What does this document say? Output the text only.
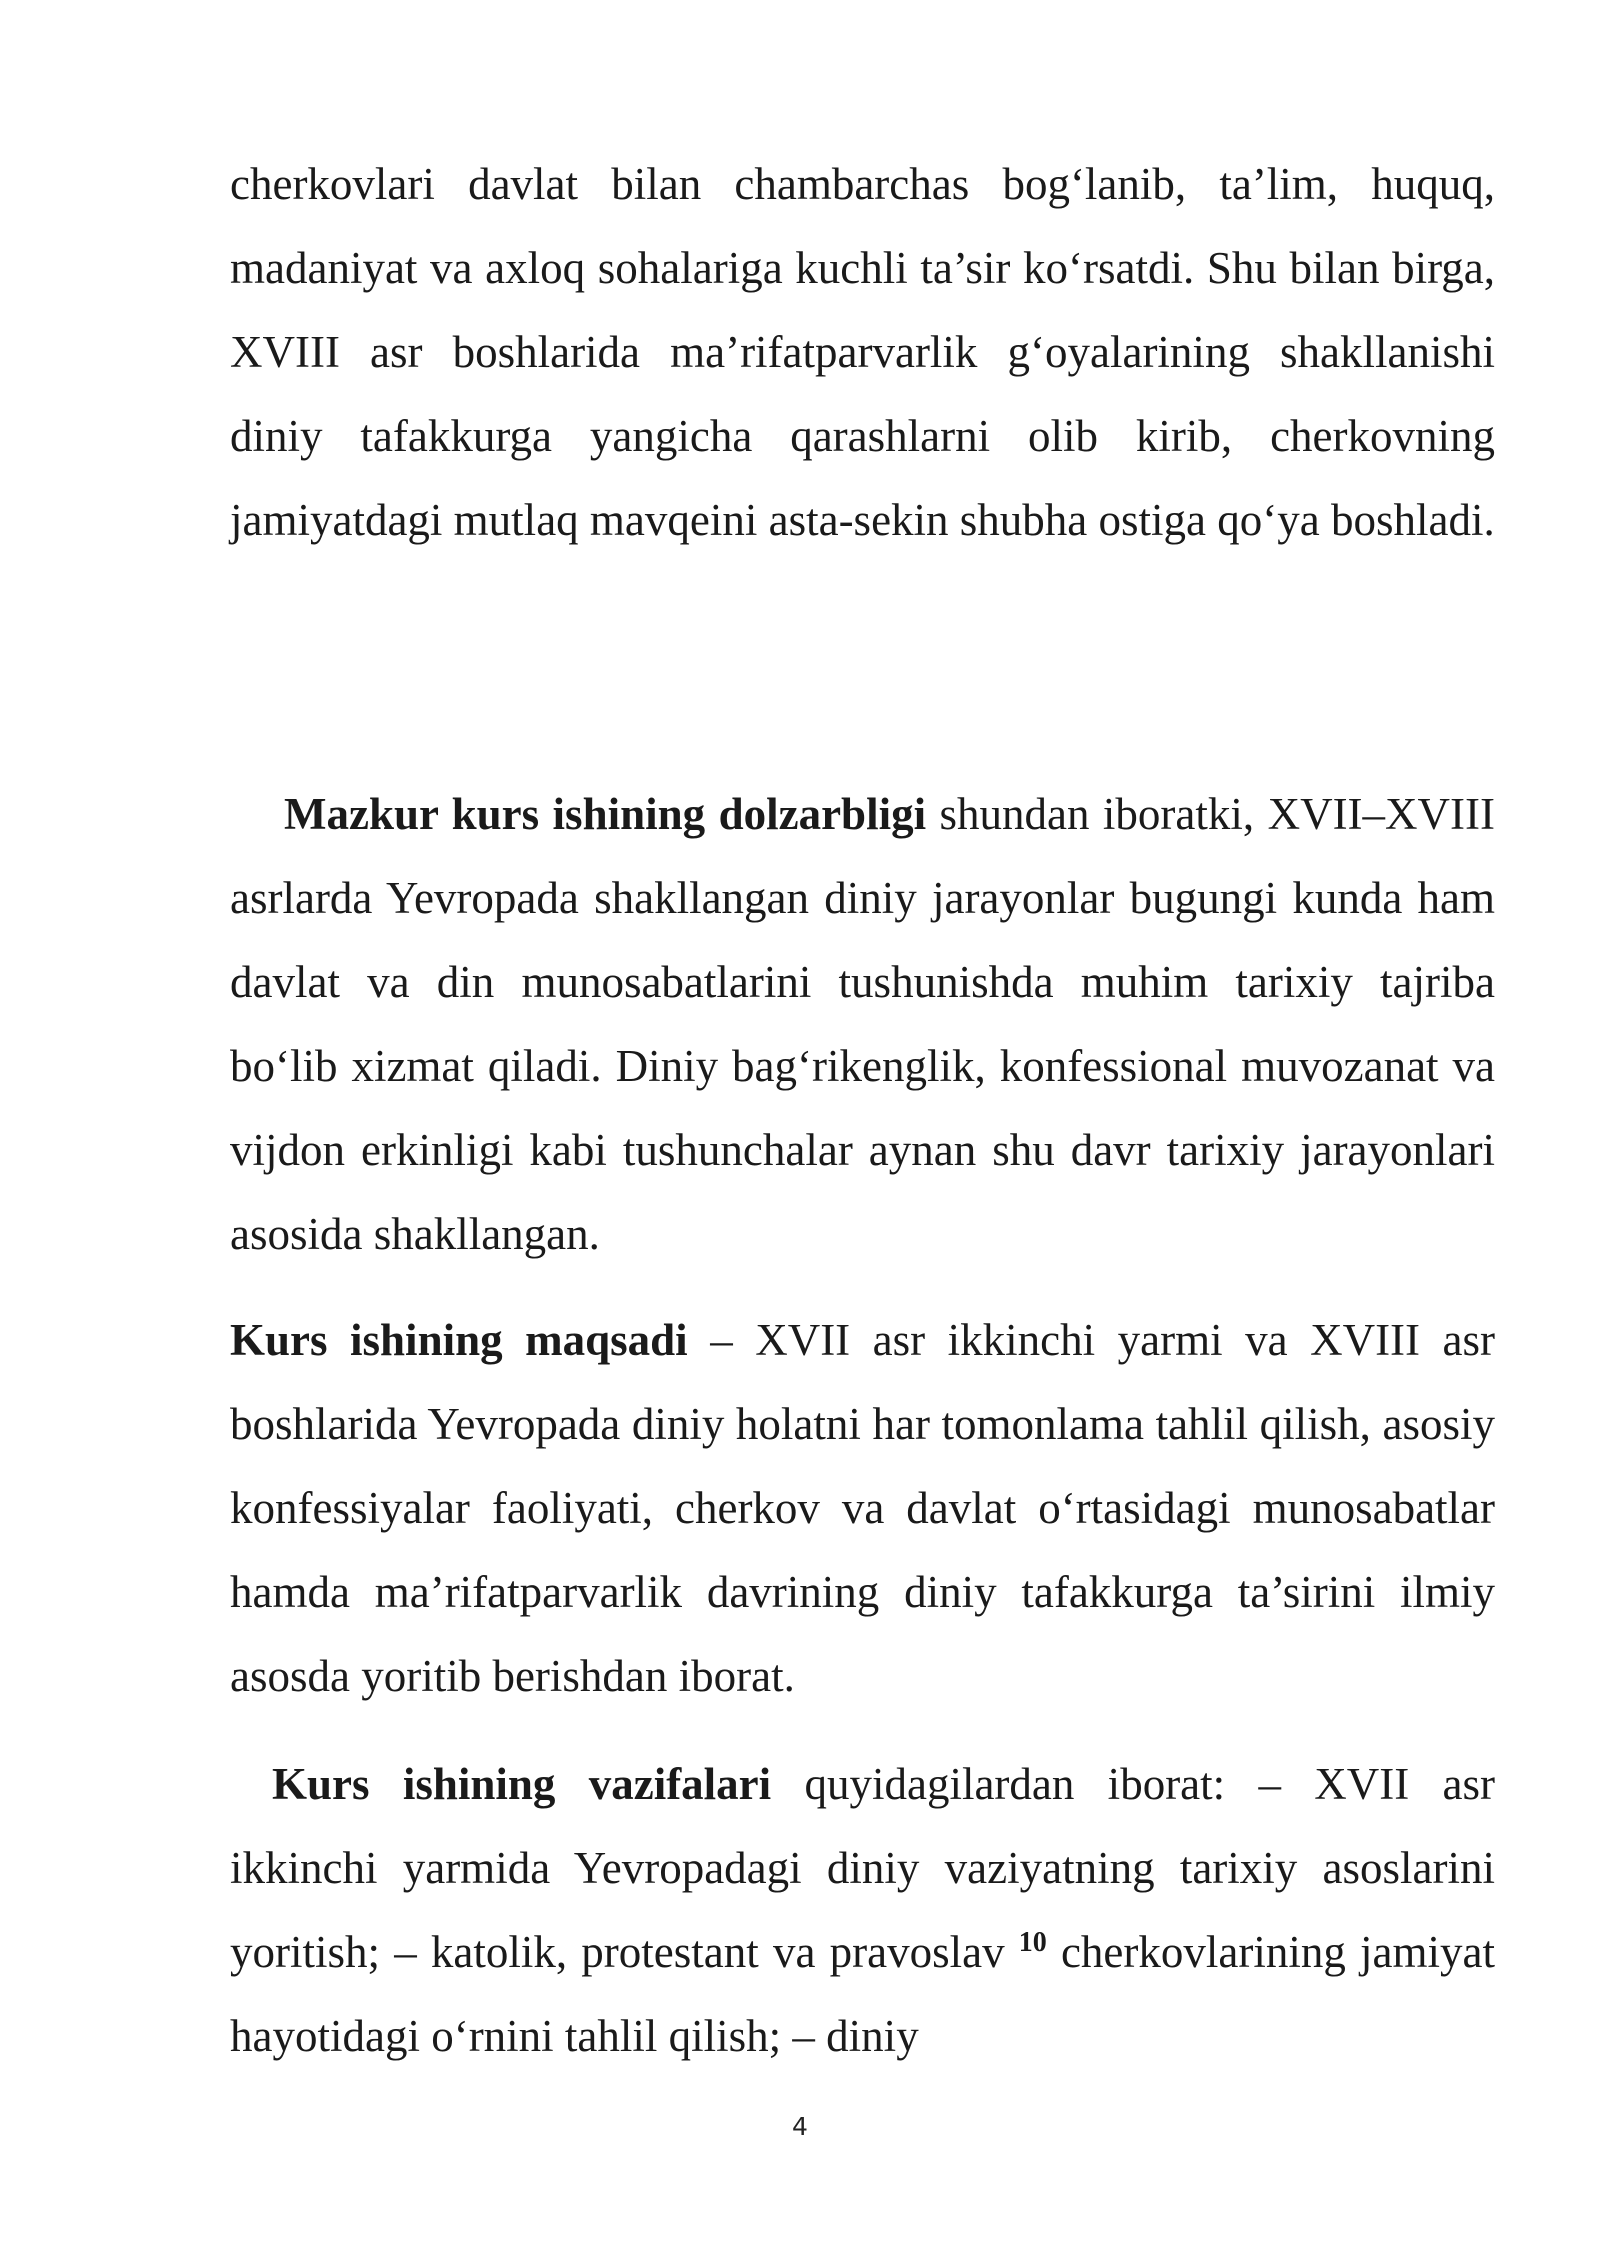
cherkovlari davlat bilan chambarchas bog‘lanib, ta’lim, huquq, madaniyat va axloq sohalariga kuchli ta’sir ko‘rsatdi. Shu bilan birga, XVIII asr boshlarida ma’rifatparvarlik g‘oyalarining shakllanishi diniy tafakkurga yangicha qarashlarni olib kirib, cherkovning jamiyatdagi mutlaq mavqeini asta-sekin shubha ostiga qo‘ya boshladi.

Mazkur kurs ishining dolzarbligi shundan iboratki, XVII–XVIII asrlarda Yevropada shakllangan diniy jarayonlar bugungi kunda ham davlat va din munosabatlarini tushunishda muhim tarixiy tajriba bo‘lib xizmat qiladi. Diniy bag‘rikenglik, konfessional muvozanat va vijdon erkinligi kabi tushunchalar aynan shu davr tarixiy jarayonlari asosida shakllangan.

Kurs ishining maqsadi – XVII asr ikkinchi yarmi va XVIII asr boshlarida Yevropada diniy holatni har tomonlama tahlil qilish, asosiy konfessiyalar faoliyati, cherkov va davlat o‘rtasidagi munosabatlar hamda ma’rifatparvarlik davrining diniy tafakkurga ta’sirini ilmiy asosda yoritib berishdan iborat.

Kurs ishining vazifalari quyidagilardan iborat: – XVII asr ikkinchi yarmida Yevropadagi diniy vaziyatning tarixiy asoslarini yoritish; – katolik, protestant va pravoslav $^{10}$ cherkovlarining jamiyat hayotidagi o‘rnini tahlil qilish; – diniy

4
